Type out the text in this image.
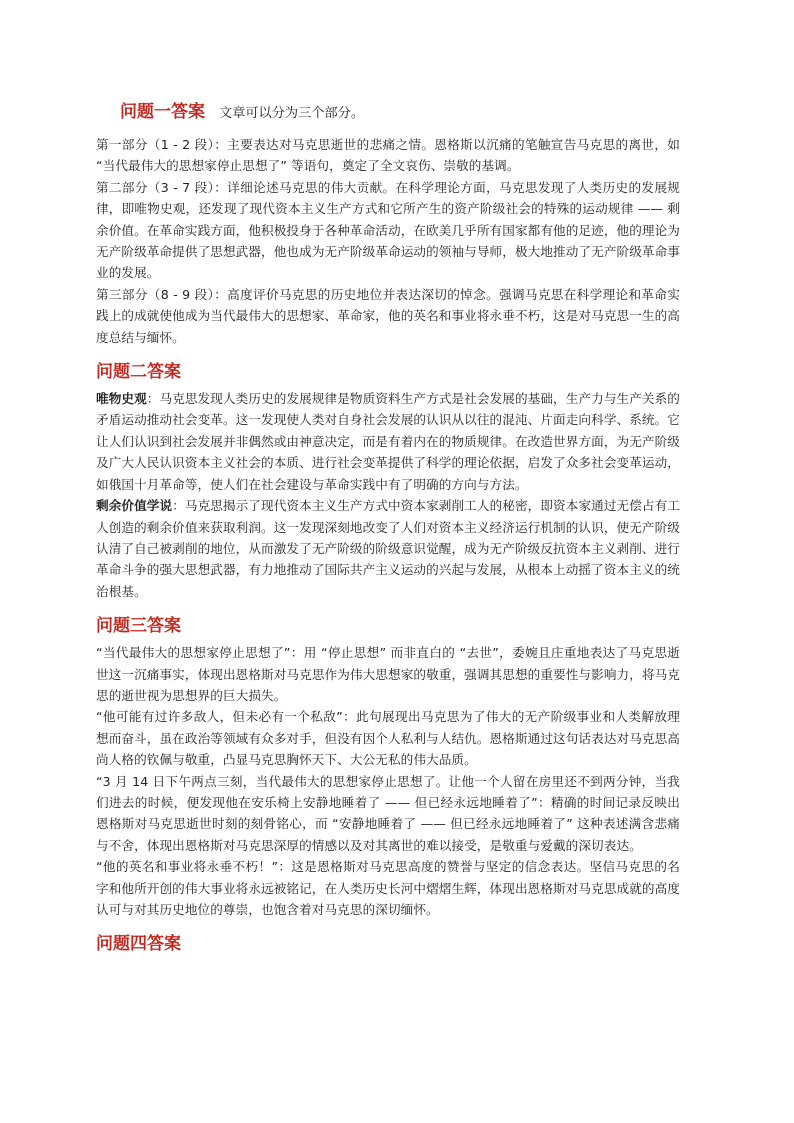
问题一答案 文章可以分为三个部分。

第一部分（1 - 2 段）：主要表达对马克思逝世的悲痛之情。恩格斯以沉痛的笔触宣告马克思的离世，如 “当代最伟大的思想家停止思想了” 等语句，奠定了全文哀伤、崇敬的基调。

第二部分（3 - 7 段）：详细论述马克思的伟大贡献。在科学理论方面，马克思发现了人类历史的发展规律，即唯物史观，还发现了现代资本主义生产方式和它所产生的资产阶级社会的特殊的运动规律 —— 剩余价值。在革命实践方面，他积极投身于各种革命活动，在欧美几乎所有国家都有他的足迹，他的理论为无产阶级革命提供了思想武器，他也成为无产阶级革命运动的领袖与导师，极大地推动了无产阶级革命事业的发展。

第三部分（8 - 9 段）：高度评价马克思的历史地位并表达深切的悼念。强调马克思在科学理论和革命实践上的成就使他成为当代最伟大的思想家、革命家，他的英名和事业将永垂不朽，这是对马克思一生的高度总结与缅怀。

问题二答案

唯物史观：马克思发现人类历史的发展规律是物质资料生产方式是社会发展的基础，生产力与生产关系的矛盾运动推动社会变革。这一发现使人类对自身社会发展的认识从以往的混沌、片面走向科学、系统。它让人们认识到社会发展并非偶然或由神意决定，而是有着内在的物质规律。在改造世界方面，为无产阶级及广大人民认识资本主义社会的本质、进行社会变革提供了科学的理论依据，启发了众多社会变革运动，如俄国十月革命等，使人们在社会建设与革命实践中有了明确的方向与方法。

剩余价值学说：马克思揭示了现代资本主义生产方式中资本家剥削工人的秘密，即资本家通过无偿占有工人创造的剩余价值来获取利润。这一发现深刻地改变了人们对资本主义经济运行机制的认识，使无产阶级认清了自己被剥削的地位，从而激发了无产阶级的阶级意识觉醒，成为无产阶级反抗资本主义剥削、进行革命斗争的强大思想武器，有力地推动了国际共产主义运动的兴起与发展，从根本上动摇了资本主义的统治根基。

问题三答案

“当代最伟大的思想家停止思想了”：用 “停止思想” 而非直白的 “去世”，委婉且庄重地表达了马克思逝世这一沉痛事实，体现出恩格斯对马克思作为伟大思想家的敬重，强调其思想的重要性与影响力，将马克思的逝世视为思想界的巨大损失。

“他可能有过许多敌人，但未必有一个私敌”：此句展现出马克思为了伟大的无产阶级事业和人类解放理想而奋斗，虽在政治等领域有众多对手，但没有因个人私利与人结仇。恩格斯通过这句话表达对马克思高尚人格的钦佩与敬重，凸显马克思胸怀天下、大公无私的伟大品质。

“3 月 14 日下午两点三刻，当代最伟大的思想家停止思想了。让他一个人留在房里还不到两分钟，当我们进去的时候，便发现他在安乐椅上安静地睡着了 —— 但已经永远地睡着了”：精确的时间记录反映出恩格斯对马克思逝世时刻的刻骨铭心，而 “安静地睡着了 —— 但已经永远地睡着了” 这种表述满含悲痛与不舍，体现出恩格斯对马克思深厚的情感以及对其离世的难以接受，是敬重与爱戴的深切表达。

“他的英名和事业将永垂不朽！”：这是恩格斯对马克思高度的赞誉与坚定的信念表达。坚信马克思的名字和他所开创的伟大事业将永远被铭记，在人类历史长河中熠熠生辉，体现出恩格斯对马克思成就的高度认可与对其历史地位的尊崇，也饱含着对马克思的深切缅怀。

问题四答案
